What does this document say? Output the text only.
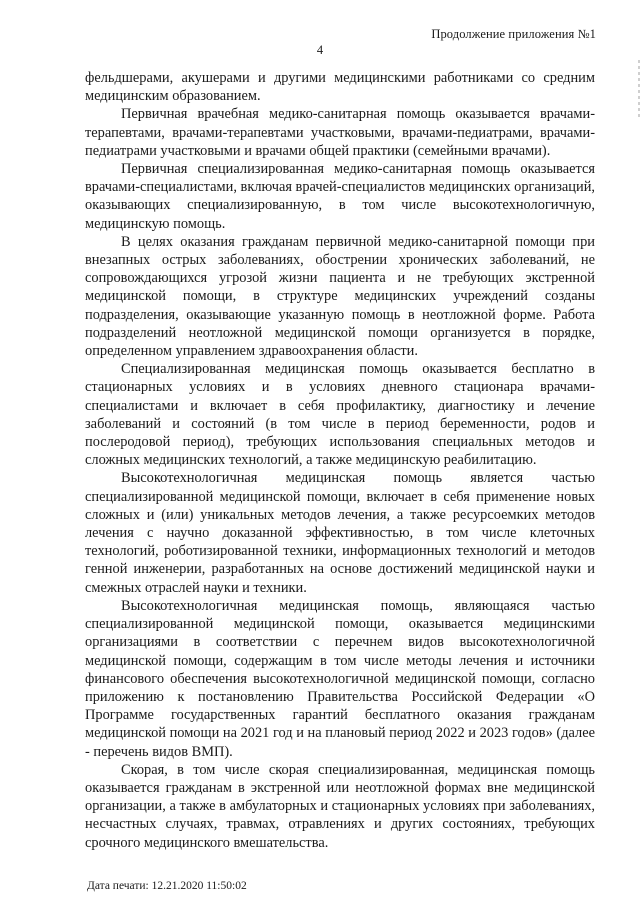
Продолжение приложения №1
4

фельдшерами, акушерами и другими медицинскими работниками со средним медицинским образованием.

Первичная врачебная медико-санитарная помощь оказывается врачами-терапевтами, врачами-терапевтами участковыми, врачами-педиатрами, врачами-педиатрами участковыми и врачами общей практики (семейными врачами).

Первичная специализированная медико-санитарная помощь оказывается врачами-специалистами, включая врачей-специалистов медицинских организаций, оказывающих специализированную, в том числе высокотехнологичную, медицинскую помощь.

В целях оказания гражданам первичной медико-санитарной помощи при внезапных острых заболеваниях, обострении хронических заболеваний, не сопровождающихся угрозой жизни пациента и не требующих экстренной медицинской помощи, в структуре медицинских учреждений созданы подразделения, оказывающие указанную помощь в неотложной форме. Работа подразделений неотложной медицинской помощи организуется в порядке, определенном управлением здравоохранения области.

Специализированная медицинская помощь оказывается бесплатно в стационарных условиях и в условиях дневного стационара врачами-специалистами и включает в себя профилактику, диагностику и лечение заболеваний и состояний (в том числе в период беременности, родов и послеродовой период), требующих использования специальных методов и сложных медицинских технологий, а также медицинскую реабилитацию.

Высокотехнологичная медицинская помощь является частью специализированной медицинской помощи, включает в себя применение новых сложных и (или) уникальных методов лечения, а также ресурсоемких методов лечения с научно доказанной эффективностью, в том числе клеточных технологий, роботизированной техники, информационных технологий и методов генной инженерии, разработанных на основе достижений медицинской науки и смежных отраслей науки и техники.

Высокотехнологичная медицинская помощь, являющаяся частью специализированной медицинской помощи, оказывается медицинскими организациями в соответствии с перечнем видов высокотехнологичной медицинской помощи, содержащим в том числе методы лечения и источники финансового обеспечения высокотехнологичной медицинской помощи, согласно приложению к постановлению Правительства Российской Федерации «О Программе государственных гарантий бесплатного оказания гражданам медицинской помощи на 2021 год и на плановый период 2022 и 2023 годов» (далее - перечень видов ВМП).

Скорая, в том числе скорая специализированная, медицинская помощь оказывается гражданам в экстренной или неотложной формах вне медицинской организации, а также в амбулаторных и стационарных условиях при заболеваниях, несчастных случаях, травмах, отравлениях и других состояниях, требующих срочного медицинского вмешательства.

Дата печати: 12.21.2020 11:50:02
